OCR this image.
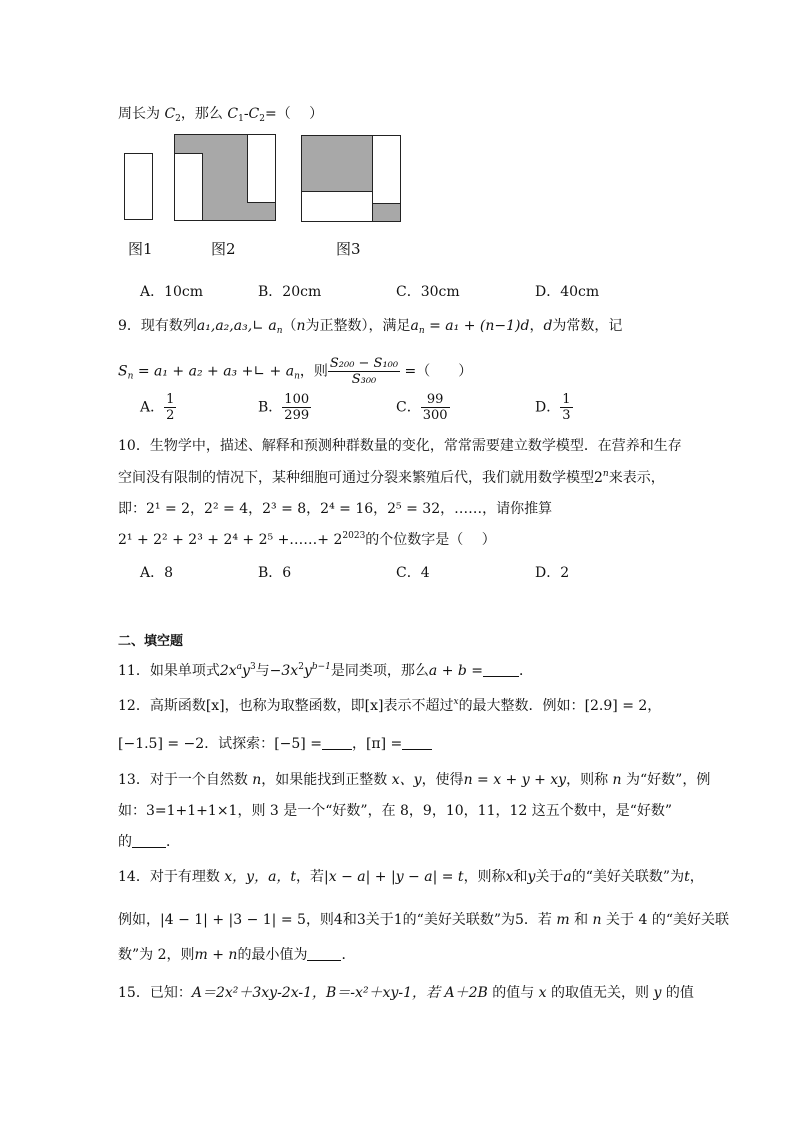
周长为 $C_2$，那么 $C_1-C_2=$（　 ）
图1	图2	图3
A．10cm	B．20cm	C．30cm	D．40cm
9．现有数列a₁,a₂,a₃,∟ $a_n(n$为正整数），满足$a_n = a_1 + (n-1)d$，d为常数，记
$S_n = a_1 + a_2 + a_3$ +∟ + $a_n$，则 $\frac{\text{S₂₀₀ − S₁₀₀}}{\text{S₃₀₀}}$ =（　　）
A． $\frac{1}{2}$	B． $\frac{100}{299}$	C． $\frac{99}{300}$	D． $\frac{1}{3}$
10．生物学中，描述、解释和预测种群数量的变化，常常需要建立数学模型．在营养和生存
空间没有限制的情况下，某种细胞可通过分裂来繁殖后代，我们就用数学模型2$^n$来表示，
即：2¹ = 2，2² = 4，2³ = 8，2⁴ = 16，2⁵ = 32，……，请你推算
2¹ + 2² + 2³ + 2⁴ + 2⁵ +……+ $2^{2023}$的个位数字是（　 ）
A．8	B．6	C．4	D．2
二、填空题
11．如果单项式$2x^ay^3$与$-3x^2y^{b-1}$是同类项，那么a + b =	．
12．高斯函数[x]，也称为取整函数，即[x]表示不超过$^x$的最大整数．例如：[2.9] = 2，
[−1.5] = −2．试探索：[−5] = ，[π] =
13．对于一个自然数 n，如果能找到正整数 x、y，使得n = x + y + xy，则称 n 为“好数”，例
如：3=1+1+1×1，则 3 是一个“好数”，在 8，9，10，11，12 这五个数中，是“好数”
的 ．
14．对于有理数 x，y，a，t，若|x − a| + |y − a| = t，则称x和y关于a的“美好关联数”为t，
例如，|4 − 1| + |3 − 1| = 5，则4和3关于1的“美好关联数”为5．若 m 和 n 关于 4 的“美好关联
数”为 2，则m + n的最小值为 ．
15．已知：A＝2x²＋3xy-2x-1，B＝-x²＋xy-1，若 A＋2B 的值与 x 的取值无关，则 y 的值
